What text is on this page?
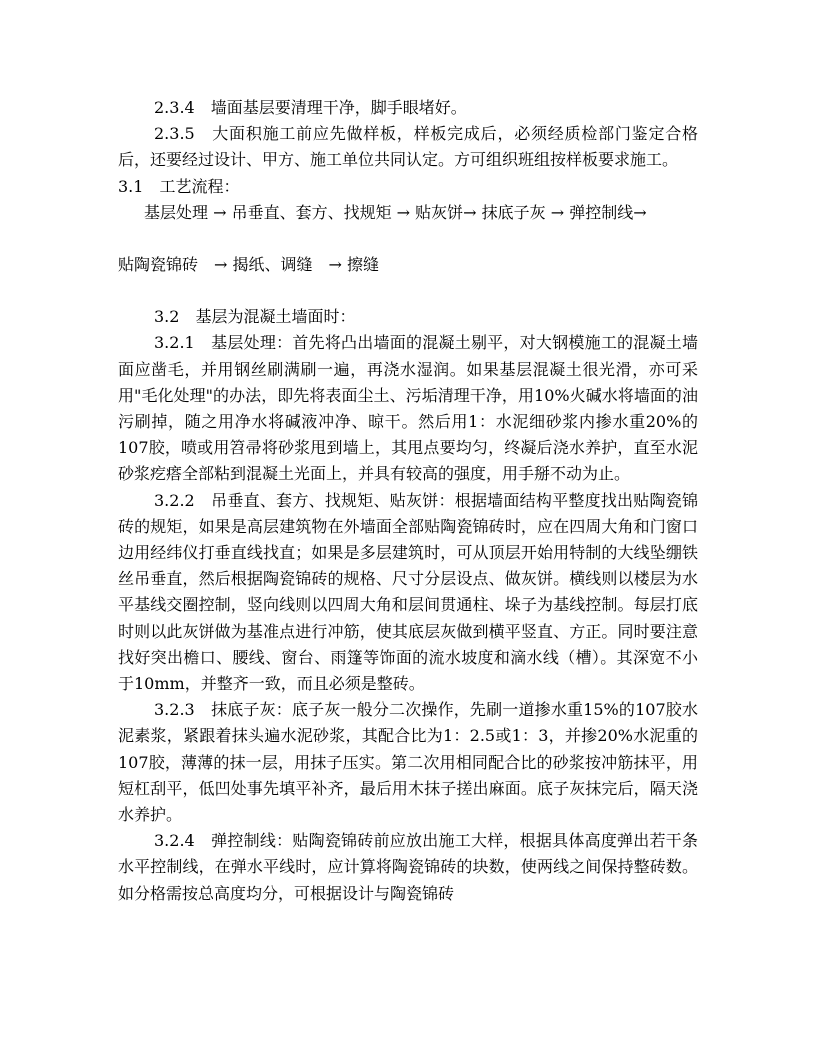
2.3.4　墙面基层要清理干净，脚手眼堵好。

2.3.5　大面积施工前应先做样板，样板完成后，必须经质检部门鉴定合格后，还要经过设计、甲方、施工单位共同认定。方可组织班组按样板要求施工。

3.1　工艺流程：

基层处理 → 吊垂直、套方、找规矩 → 贴灰饼→ 抹底子灰 → 弹控制线→

贴陶瓷锦砖　→ 揭纸、调缝　→ 擦缝

3.2　基层为混凝土墙面时：

3.2.1　基层处理：首先将凸出墙面的混凝土剔平，对大钢模施工的混凝土墙面应凿毛，并用钢丝刷满刷一遍，再浇水湿润。如果基层混凝土很光滑，亦可采用"毛化处理"的办法，即先将表面尘土、污垢清理干净，用10%火碱水将墙面的油污刷掉，随之用净水将碱液冲净、晾干。然后用1：水泥细砂浆内掺水重20%的107胶，喷或用笤帚将砂浆甩到墙上，其甩点要均匀，终凝后浇水养护，直至水泥砂浆疙瘩全部粘到混凝土光面上，并具有较高的强度，用手掰不动为止。

3.2.2　吊垂直、套方、找规矩、贴灰饼：根据墙面结构平整度找出贴陶瓷锦砖的规矩，如果是高层建筑物在外墙面全部贴陶瓷锦砖时，应在四周大角和门窗口边用经纬仪打垂直线找直；如果是多层建筑时，可从顶层开始用特制的大线坠绷铁丝吊垂直，然后根据陶瓷锦砖的规格、尺寸分层设点、做灰饼。横线则以楼层为水平基线交圈控制，竖向线则以四周大角和层间贯通柱、垛子为基线控制。每层打底时则以此灰饼做为基准点进行冲筋，使其底层灰做到横平竖直、方正。同时要注意找好突出檐口、腰线、窗台、雨篷等饰面的流水坡度和滴水线（槽）。其深宽不小于10mm，并整齐一致，而且必须是整砖。

3.2.3　抹底子灰：底子灰一般分二次操作，先刷一道掺水重15%的107胶水泥素浆，紧跟着抹头遍水泥砂浆，其配合比为1：2.5或1：3，并掺20%水泥重的107胶，薄薄的抹一层，用抹子压实。第二次用相同配合比的砂浆按冲筋抹平，用短杠刮平，低凹处事先填平补齐，最后用木抹子搓出麻面。底子灰抹完后，隔天浇水养护。

3.2.4　弹控制线：贴陶瓷锦砖前应放出施工大样，根据具体高度弹出若干条水平控制线，在弹水平线时，应计算将陶瓷锦砖的块数，使两线之间保持整砖数。如分格需按总高度均分，可根据设计与陶瓷锦砖
